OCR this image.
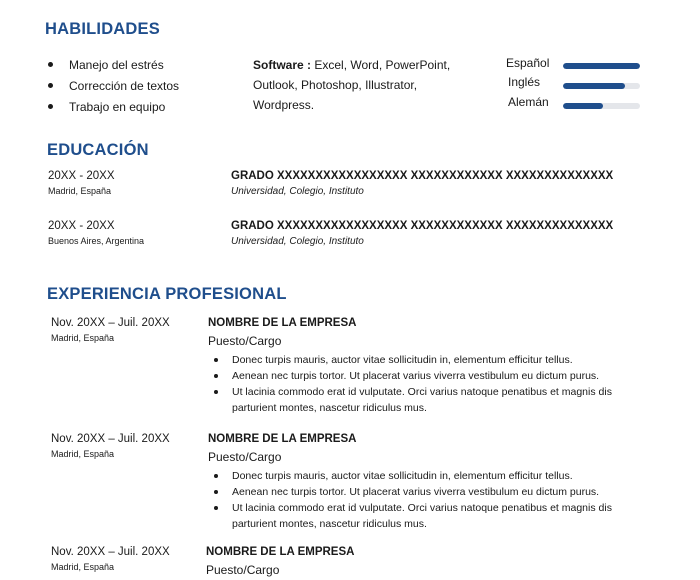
HABILIDADES
Manejo del estrés
Corrección de textos
Trabajo en equipo
Software : Excel, Word, PowerPoint, Outlook, Photoshop, Illustrator, Wordpress.
Español
Inglés
Alemán
EDUCACIÓN
20XX - 20XX
Madrid, España
GRADO XXXXXXXXXXXXXXXXX XXXXXXXXXXXX XXXXXXXXXXXXXX
Universidad, Colegio, Instituto
20XX - 20XX
Buenos Aires, Argentina
GRADO XXXXXXXXXXXXXXXXX XXXXXXXXXXXX XXXXXXXXXXXXXX
Universidad, Colegio, Instituto
EXPERIENCIA PROFESIONAL
Nov. 20XX – Juil. 20XX
Madrid, España
NOMBRE DE LA EMPRESA
Puesto/Cargo
Donec turpis mauris, auctor vitae sollicitudin in, elementum efficitur tellus.
Aenean nec turpis tortor. Ut placerat varius viverra vestibulum eu dictum purus.
Ut lacinia commodo erat id vulputate. Orci varius natoque penatibus et magnis dis parturient montes, nascetur ridiculus mus.
Nov. 20XX – Juil. 20XX
Madrid, España
NOMBRE DE LA EMPRESA
Puesto/Cargo
Donec turpis mauris, auctor vitae sollicitudin in, elementum efficitur tellus.
Aenean nec turpis tortor. Ut placerat varius viverra vestibulum eu dictum purus.
Ut lacinia commodo erat id vulputate. Orci varius natoque penatibus et magnis dis parturient montes, nascetur ridiculus mus.
Nov. 20XX – Juil. 20XX
Madrid, España
NOMBRE DE LA EMPRESA
Puesto/Cargo
